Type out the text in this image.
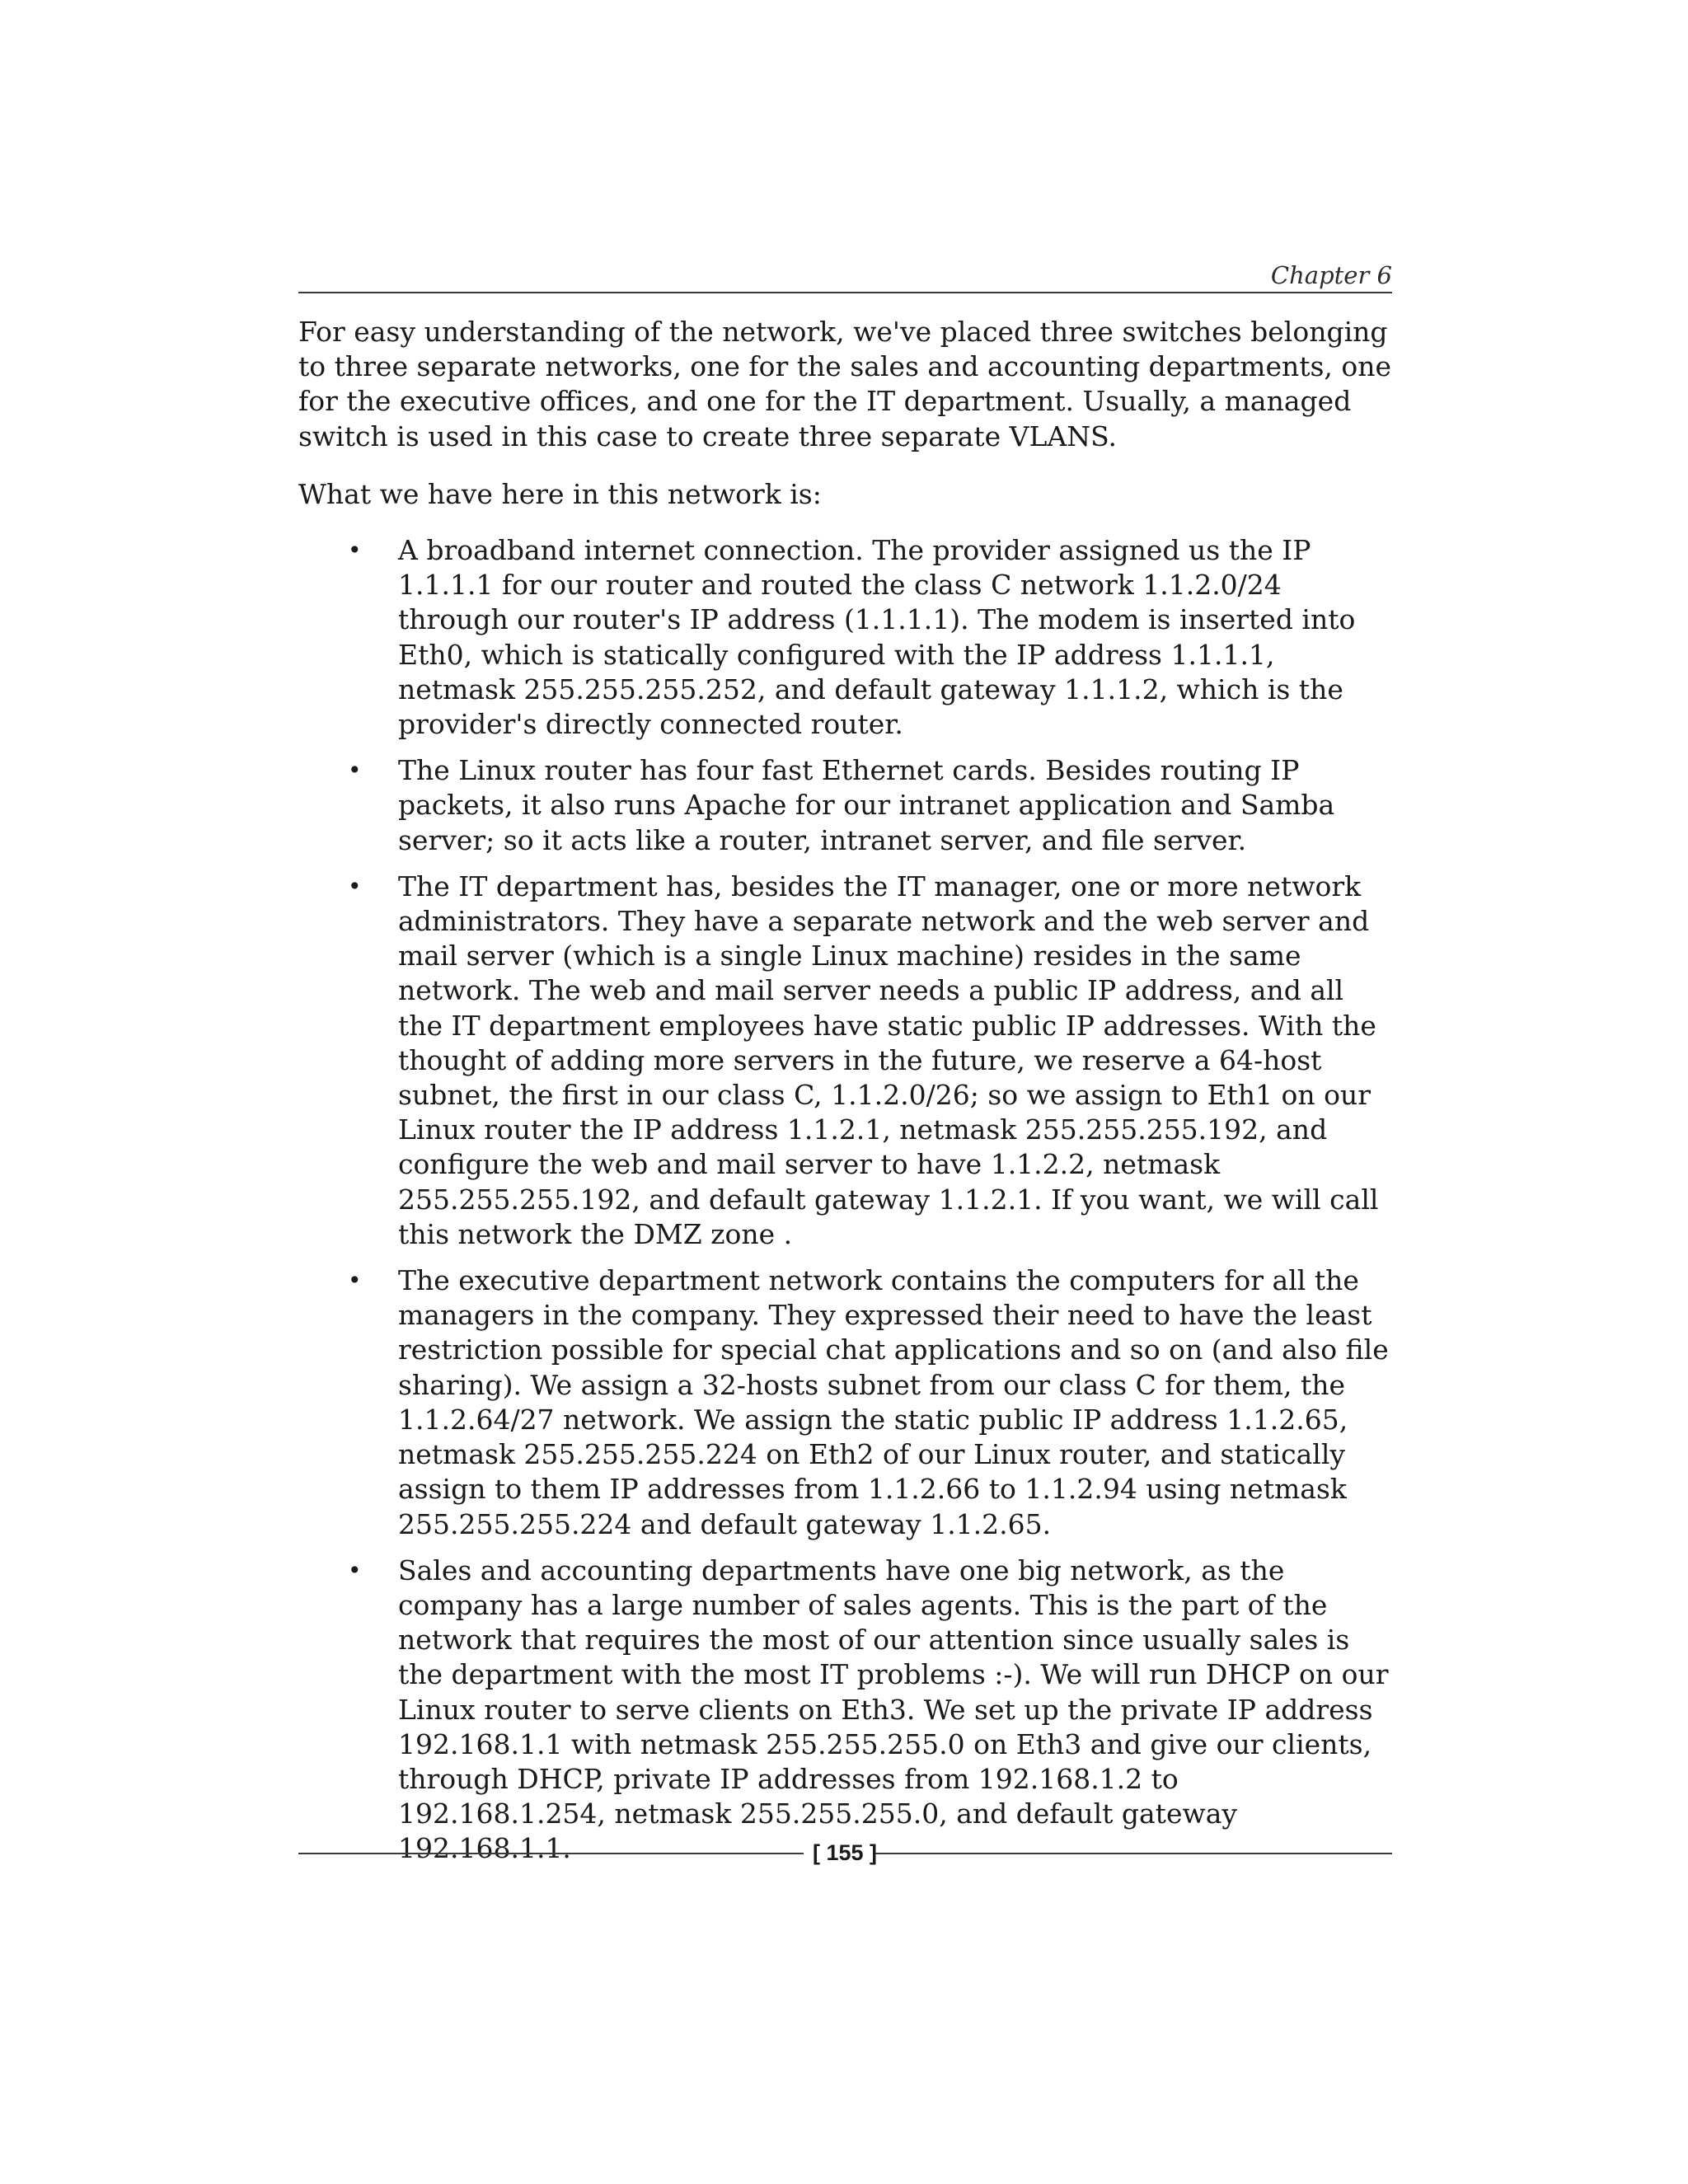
Chapter 6

For easy understanding of the network, we've placed three switches belonging to three separate networks, one for the sales and accounting departments, one for the executive offices, and one for the IT department. Usually, a managed switch is used in this case to create three separate VLANS.

What we have here in this network is:

• A broadband internet connection. The provider assigned us the IP 1.1.1.1 for our router and routed the class C network 1.1.2.0/24 through our router's IP address (1.1.1.1). The modem is inserted into Eth0, which is statically configured with the IP address 1.1.1.1, netmask 255.255.255.252, and default gateway 1.1.1.2, which is the provider's directly connected router.
• The Linux router has four fast Ethernet cards. Besides routing IP packets, it also runs Apache for our intranet application and Samba server; so it acts like a router, intranet server, and file server.
• The IT department has, besides the IT manager, one or more network administrators. They have a separate network and the web server and mail server (which is a single Linux machine) resides in the same network. The web and mail server needs a public IP address, and all the IT department employees have static public IP addresses. With the thought of adding more servers in the future, we reserve a 64-host subnet, the first in our class C, 1.1.2.0/26; so we assign to Eth1 on our Linux router the IP address 1.1.2.1, netmask 255.255.255.192, and configure the web and mail server to have 1.1.2.2, netmask 255.255.255.192, and default gateway 1.1.2.1. If you want, we will call this network the DMZ zone .
• The executive department network contains the computers for all the managers in the company. They expressed their need to have the least restriction possible for special chat applications and so on (and also file sharing). We assign a 32-hosts subnet from our class C for them, the 1.1.2.64/27 network. We assign the static public IP address 1.1.2.65, netmask 255.255.255.224 on Eth2 of our Linux router, and statically assign to them IP addresses from 1.1.2.66 to 1.1.2.94 using netmask 255.255.255.224 and default gateway 1.1.2.65.
• Sales and accounting departments have one big network, as the company has a large number of sales agents. This is the part of the network that requires the most of our attention since usually sales is the department with the most IT problems :-). We will run DHCP on our Linux router to serve clients on Eth3. We set up the private IP address 192.168.1.1 with netmask 255.255.255.0 on Eth3 and give our clients, through DHCP, private IP addresses from 192.168.1.2 to 192.168.1.254, netmask 255.255.255.0, and default gateway 192.168.1.1.	[ 155 ]
